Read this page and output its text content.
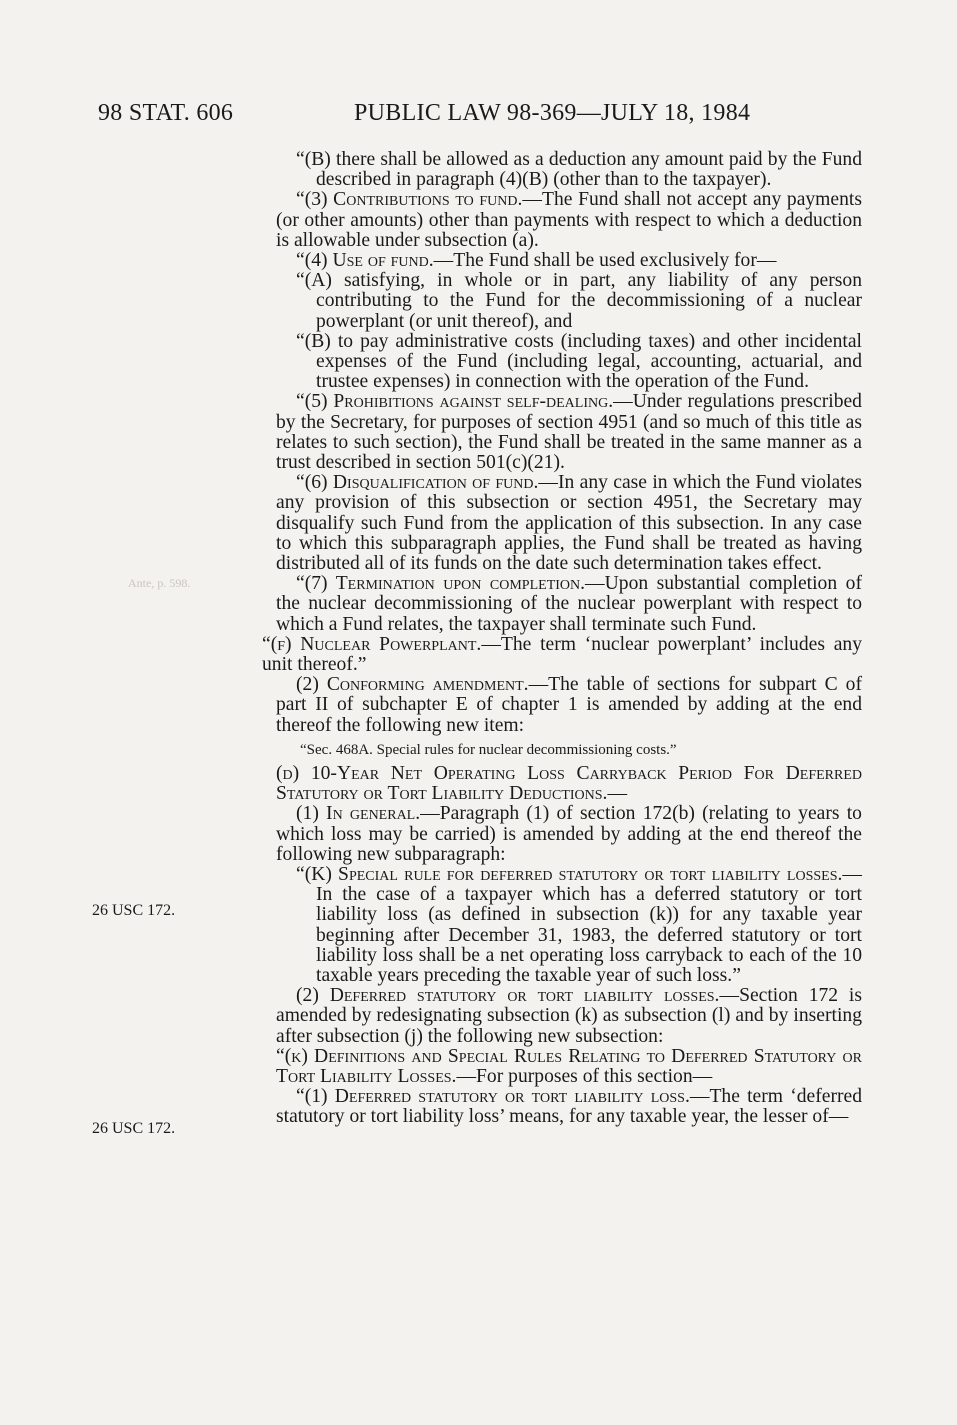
98 STAT. 606	PUBLIC LAW 98-369—JULY 18, 1984
Ante, p. 598.
26 USC 172.
26 USC 172.

“(B) there shall be allowed as a deduction any amount paid by the Fund described in paragraph (4)(B) (other than to the taxpayer).

“(3) Contributions to fund.—The Fund shall not accept any payments (or other amounts) other than payments with respect to which a deduction is allowable under subsection (a).

“(4) Use of fund.—The Fund shall be used exclusively for—

“(A) satisfying, in whole or in part, any liability of any person contributing to the Fund for the decommissioning of a nuclear powerplant (or unit thereof), and

“(B) to pay administrative costs (including taxes) and other incidental expenses of the Fund (including legal, accounting, actuarial, and trustee expenses) in connection with the operation of the Fund.

“(5) Prohibitions against self-dealing.—Under regulations prescribed by the Secretary, for purposes of section 4951 (and so much of this title as relates to such section), the Fund shall be treated in the same manner as a trust described in section 501(c)(21).

“(6) Disqualification of fund.—In any case in which the Fund violates any provision of this subsection or section 4951, the Secretary may disqualify such Fund from the application of this subsection. In any case to which this subparagraph applies, the Fund shall be treated as having distributed all of its funds on the date such determination takes effect.

“(7) Termination upon completion.—Upon substantial completion of the nuclear decommissioning of the nuclear powerplant with respect to which a Fund relates, the taxpayer shall terminate such Fund.

“(f) Nuclear Powerplant.—The term ‘nuclear powerplant’ includes any unit thereof.”

(2) Conforming amendment.—The table of sections for subpart C of part II of subchapter E of chapter 1 is amended by adding at the end thereof the following new item:

“Sec. 468A. Special rules for nuclear decommissioning costs.”

(d) 10-Year Net Operating Loss Carryback Period For Deferred Statutory or Tort Liability Deductions.—

(1) In general.—Paragraph (1) of section 172(b) (relating to years to which loss may be carried) is amended by adding at the end thereof the following new subparagraph:

“(K) Special rule for deferred statutory or tort liability losses.—In the case of a taxpayer which has a deferred statutory or tort liability loss (as defined in subsection (k)) for any taxable year beginning after December 31, 1983, the deferred statutory or tort liability loss shall be a net operating loss carryback to each of the 10 taxable years preceding the taxable year of such loss.”

(2) Deferred statutory or tort liability losses.—Section 172 is amended by redesignating subsection (k) as subsection (l) and by inserting after subsection (j) the following new subsection:

“(k) Definitions and Special Rules Relating to Deferred Statutory or Tort Liability Losses.—For purposes of this section—

“(1) Deferred statutory or tort liability loss.—The term ‘deferred statutory or tort liability loss’ means, for any taxable year, the lesser of—
